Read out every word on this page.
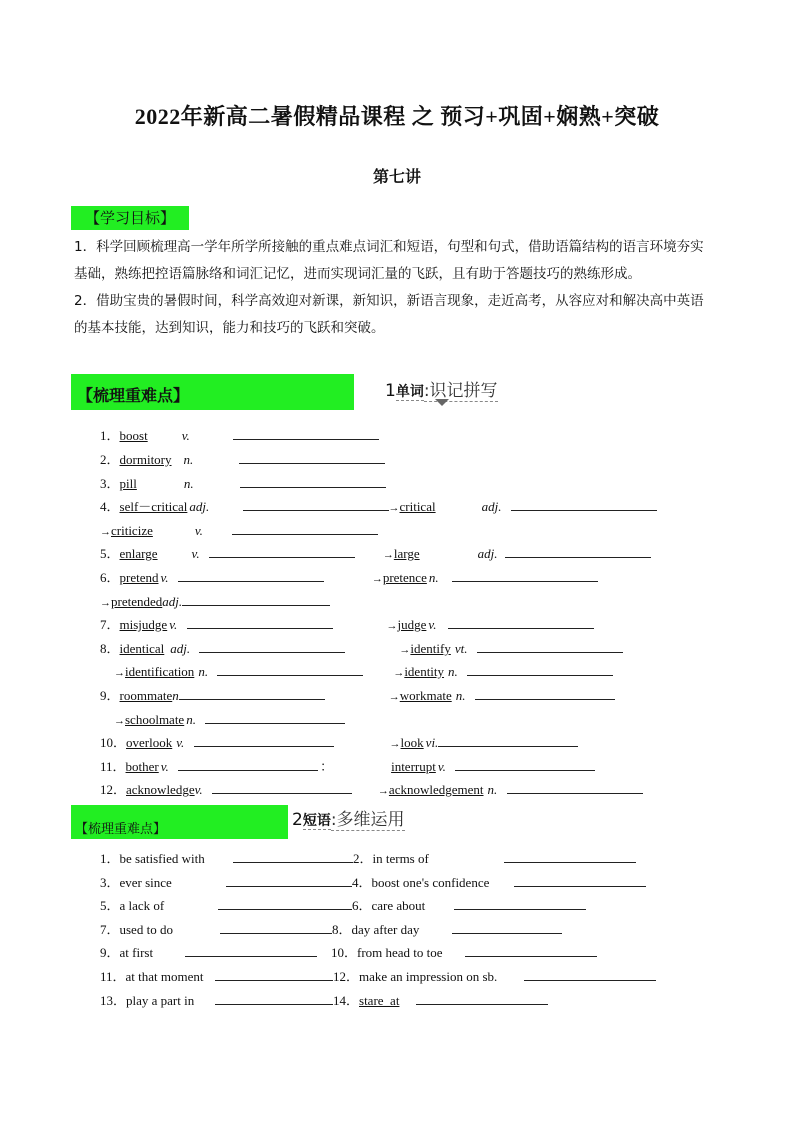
2022年新高二暑假精品课程 之 预习+巩固+娴熟+突破
第七讲
【学习目标】
1．科学回顾梳理高一学年所学所接触的重点难点词汇和短语，句型和句式，借助语篇结构的语言环境夯实
基础，熟练把控语篇脉络和词汇记忆，进而实现词汇量的飞跃，且有助于答题技巧的熟练形成。
2．借助宝贵的暑假时间，科学高效迎对新课，新知识，新语言现象，走近高考，从容应对和解决高中英语
的基本技能，达到知识，能力和技巧的飞跃和突破。
【梳理重难点】	1单词:识记拼写
1．boost	v.
2．dormitory n.
3．pill	n.
4．self－critical adj.	→critical	adj.
→criticize	v.
5．enlarge	v.	→large	adj.
6．pretend v.	→pretence n.
→pretendedadj.
7．misjudge v.	→judge v.
8．identical adj.	→identify vt.
→identification n.	→identity n.
9．roommaten	→workmate n.
→schoolmate n.
10．overlook v.	→look vi.
11．bother v.	：	interrupt v.
12．acknowledgev.	→acknowledgement n.
【梳理重难点】	2短语:多维运用
1．be satisfied with	2．in terms of
3．ever since	4．boost one's confidence
5．a lack of	6．care about
7．used to do	8．day after day
9．at first	10．from head to toe
11．at that moment	12．make an impression on sb.
13．play a part in	14．stare_at
